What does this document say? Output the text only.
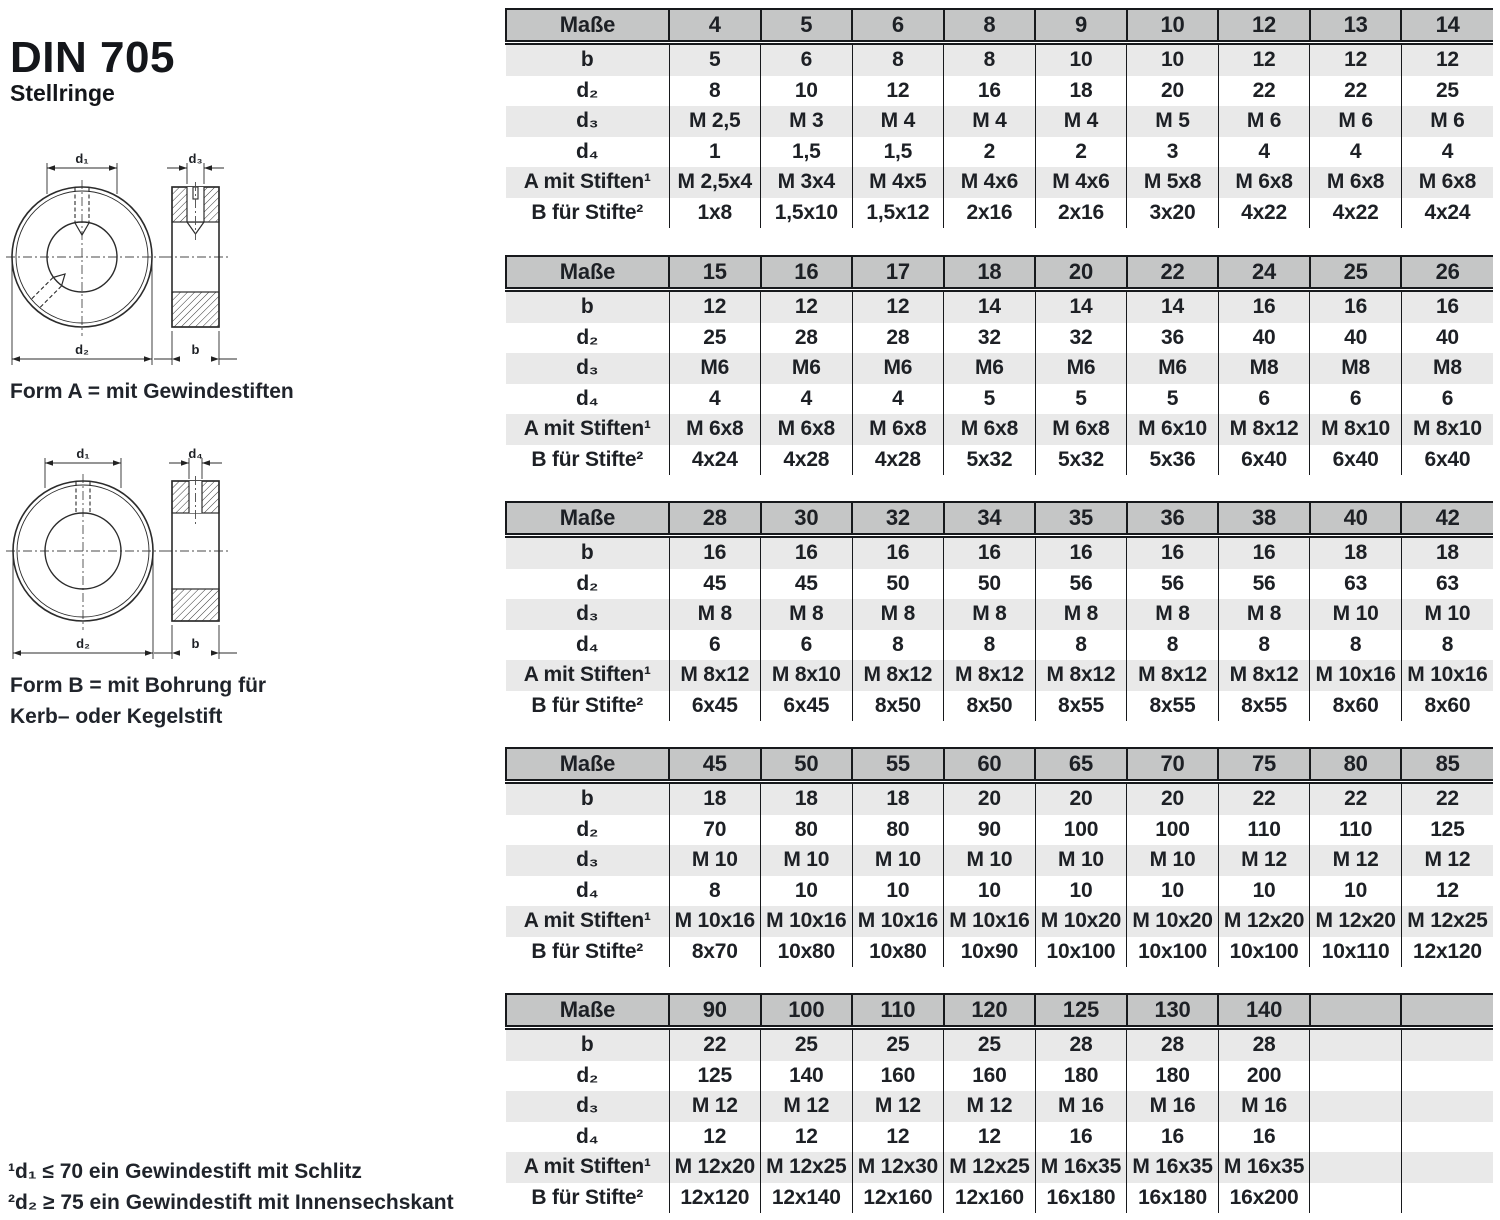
DIN 705
Stellringe
d₁
d₂
d₃
b
Form A = mit Gewindestiften
d₁
d₂
d₄
b
Form B = mit Bohrung für
Kerb– oder Kegelstift
Maße	4	5	6	8	9	10	12	13	14
b	5	6	8	8	10	10	12	12	12
d₂	8	10	12	16	18	20	22	22	25
d₃	M 2,5	M 3	M 4	M 4	M 4	M 5	M 6	M 6	M 6
d₄	1	1,5	1,5	2	2	3	4	4	4
A mit Stiften¹	M 2,5x4	M 3x4	M 4x5	M 4x6	M 4x6	M 5x8	M 6x8	M 6x8	M 6x8
B für Stifte²	1x8	1,5x10	1,5x12	2x16	2x16	3x20	4x22	4x22	4x24
Maße	15	16	17	18	20	22	24	25	26
b	12	12	12	14	14	14	16	16	16
d₂	25	28	28	32	32	36	40	40	40
d₃	M6	M6	M6	M6	M6	M6	M8	M8	M8
d₄	4	4	4	5	5	5	6	6	6
A mit Stiften¹	M 6x8	M 6x8	M 6x8	M 6x8	M 6x8	M 6x10	M 8x12	M 8x10	M 8x10
B für Stifte²	4x24	4x28	4x28	5x32	5x32	5x36	6x40	6x40	6x40
Maße	28	30	32	34	35	36	38	40	42
b	16	16	16	16	16	16	16	18	18
d₂	45	45	50	50	56	56	56	63	63
d₃	M 8	M 8	M 8	M 8	M 8	M 8	M 8	M 10	M 10
d₄	6	6	8	8	8	8	8	8	8
A mit Stiften¹	M 8x12	M 8x10	M 8x12	M 8x12	M 8x12	M 8x12	M 8x12	M 10x16	M 10x16
B für Stifte²	6x45	6x45	8x50	8x50	8x55	8x55	8x55	8x60	8x60
Maße	45	50	55	60	65	70	75	80	85
b	18	18	18	20	20	20	22	22	22
d₂	70	80	80	90	100	100	110	110	125
d₃	M 10	M 10	M 10	M 10	M 10	M 10	M 12	M 12	M 12
d₄	8	10	10	10	10	10	10	10	12
A mit Stiften¹	M 10x16	M 10x16	M 10x16	M 10x16	M 10x20	M 10x20	M 12x20	M 12x20	M 12x25
B für Stifte²	8x70	10x80	10x80	10x90	10x100	10x100	10x100	10x110	12x120
Maße	90	100	110	120	125	130	140		
b	22	25	25	25	28	28	28		
d₂	125	140	160	160	180	180	200		
d₃	M 12	M 12	M 12	M 12	M 16	M 16	M 16		
d₄	12	12	12	12	16	16	16		
A mit Stiften¹	M 12x20	M 12x25	M 12x30	M 12x25	M 16x35	M 16x35	M 16x35		
B für Stifte²	12x120	12x140	12x160	12x160	16x180	16x180	16x200		
¹d₁ ≤ 70 ein Gewindestift mit Schlitz
²d₂ ≥ 75 ein Gewindestift mit Innensechskant
